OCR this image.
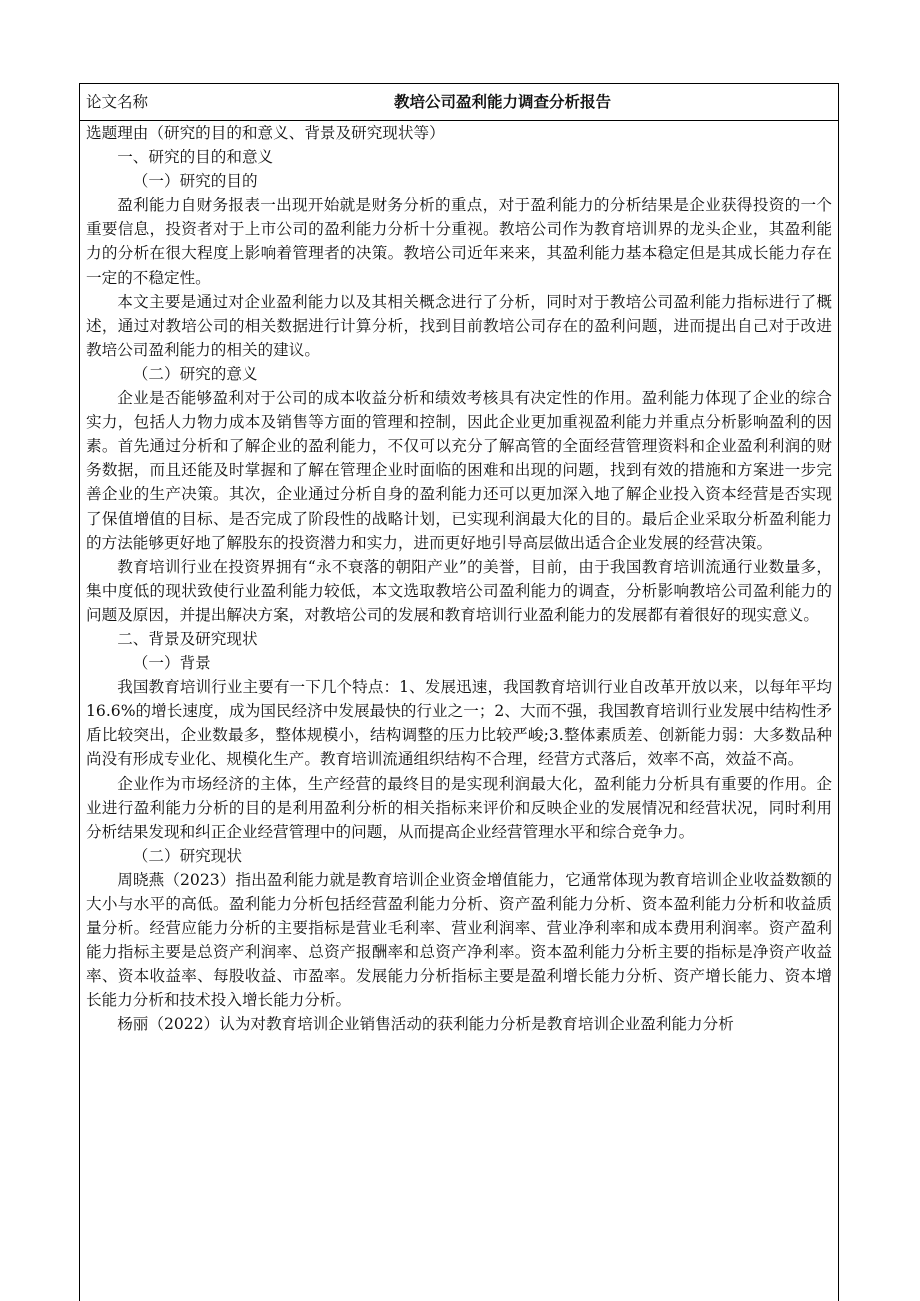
论文名称	教培公司盈利能力调查分析报告

选题理由（研究的目的和意义、背景及研究现状等）

一、研究的目的和意义

（一）研究的目的

盈利能力自财务报表一出现开始就是财务分析的重点，对于盈利能力的分析结果是企业获得投资的一个重要信息，投资者对于上市公司的盈利能力分析十分重视。教培公司作为教育培训界的龙头企业，其盈利能力的分析在很大程度上影响着管理者的决策。教培公司近年来来，其盈利能力基本稳定但是其成长能力存在一定的不稳定性。

本文主要是通过对企业盈利能力以及其相关概念进行了分析，同时对于教培公司盈利能力指标进行了概述，通过对教培公司的相关数据进行计算分析，找到目前教培公司存在的盈利问题，进而提出自己对于改进教培公司盈利能力的相关的建议。

（二）研究的意义

企业是否能够盈利对于公司的成本收益分析和绩效考核具有决定性的作用。盈利能力体现了企业的综合实力，包括人力物力成本及销售等方面的管理和控制，因此企业更加重视盈利能力并重点分析影响盈利的因素。首先通过分析和了解企业的盈利能力，不仅可以充分了解高管的全面经营管理资料和企业盈利利润的财务数据，而且还能及时掌握和了解在管理企业时面临的困难和出现的问题，找到有效的措施和方案进一步完善企业的生产决策。其次，企业通过分析自身的盈利能力还可以更加深入地了解企业投入资本经营是否实现了保值增值的目标、是否完成了阶段性的战略计划，已实现利润最大化的目的。最后企业采取分析盈利能力的方法能够更好地了解股东的投资潜力和实力，进而更好地引导高层做出适合企业发展的经营决策。

教育培训行业在投资界拥有“永不衰落的朝阳产业”的美誉，目前，由于我国教育培训流通行业数量多，集中度低的现状致使行业盈利能力较低，本文选取教培公司盈利能力的调查，分析影响教培公司盈利能力的问题及原因，并提出解决方案，对教培公司的发展和教育培训行业盈利能力的发展都有着很好的现实意义。

二、背景及研究现状

（一）背景

我国教育培训行业主要有一下几个特点：1、发展迅速，我国教育培训行业自改革开放以来，以每年平均 16.6%的增长速度，成为国民经济中发展最快的行业之一；2、大而不强，我国教育培训行业发展中结构性矛盾比较突出，企业数最多，整体规模小，结构调整的压力比较严峻;3.整体素质差、创新能力弱：大多数品种尚没有形成专业化、规模化生产。教育培训流通组织结构不合理，经营方式落后，效率不高，效益不高。

企业作为市场经济的主体，生产经营的最终目的是实现利润最大化，盈利能力分析具有重要的作用。企业进行盈利能力分析的目的是利用盈利分析的相关指标来评价和反映企业的发展情况和经营状况，同时利用分析结果发现和纠正企业经营管理中的问题，从而提高企业经营管理水平和综合竞争力。

（二）研究现状

周晓燕（2023）指出盈利能力就是教育培训企业资金增值能力，它通常体现为教育培训企业收益数额的大小与水平的高低。盈利能力分析包括经营盈利能力分析、资产盈利能力分析、资本盈利能力分析和收益质量分析。经营应能力分析的主要指标是营业毛利率、营业利润率、营业净利率和成本费用利润率。资产盈利能力指标主要是总资产利润率、总资产报酬率和总资产净利率。资本盈利能力分析主要的指标是净资产收益率、资本收益率、每股收益、市盈率。发展能力分析指标主要是盈利增长能力分析、资产增长能力、资本增长能力分析和技术投入增长能力分析。

杨丽（2022）认为对教育培训企业销售活动的获利能力分析是教育培训企业盈利能力分析
